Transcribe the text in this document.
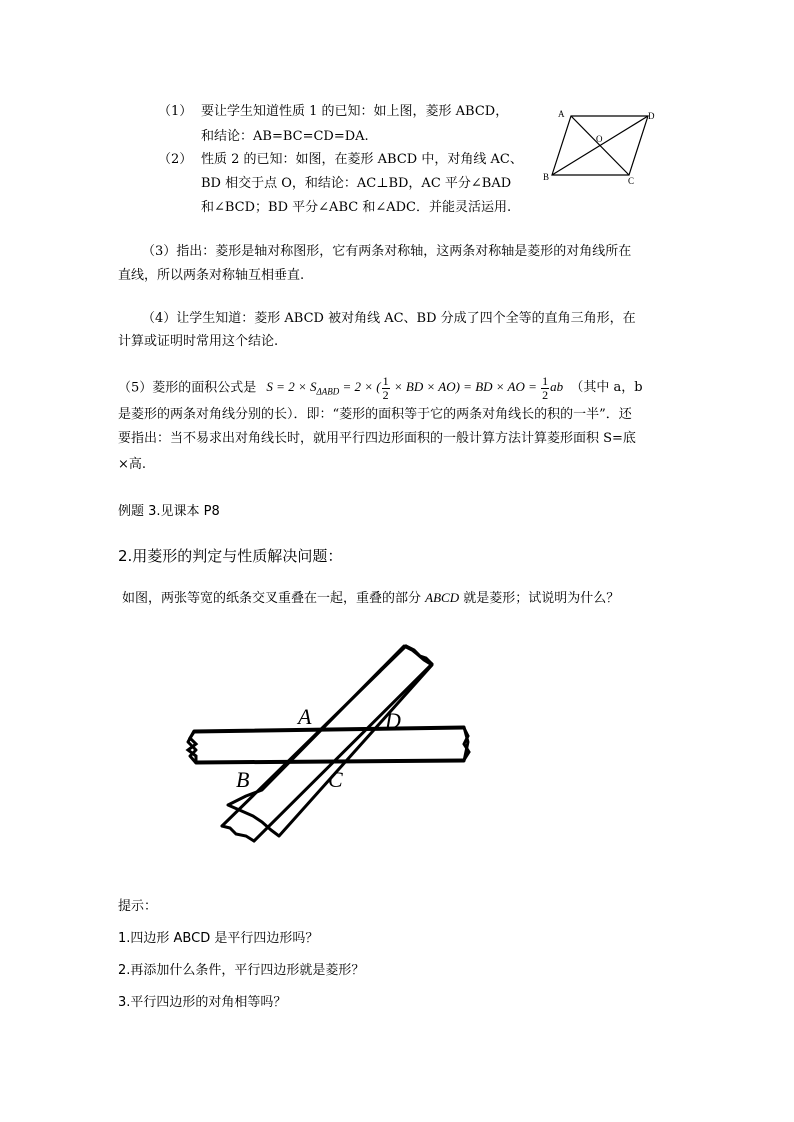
（1） 要让学生知道性质 1 的已知：如上图，菱形 ABCD，
和结论：AB=BC=CD=DA.
（2） 性质 2 的已知：如图，在菱形 ABCD 中，对角线 AC、
BD 相交于点 O，和结论：AC⊥BD，AC 平分∠BAD
和∠BCD；BD 平分∠ABC 和∠ADC．并能灵活运用.
A	D
O
B	C
（3）指出：菱形是轴对称图形，它有两条对称轴，这两条对称轴是菱形的对角线所在
直线，所以两条对称轴互相垂直.
（4）让学生知道：菱形 ABCD 被对角线 AC、BD 分成了四个全等的直角三角形，在
计算或证明时常用这个结论.
（5）菱形的面积公式是 $S = 2 \times S_{\Delta ABD} = 2$ × ( $\frac{1}{2}$ × BD × AO) = BD × AO = $\frac{1}{2}$ ab （其中 a，b
是菱形的两条对角线分别的长）．即：“菱形的面积等于它的两条对角线长的积的一半”．还
要指出：当不易求出对角线长时，就用平行四边形面积的一般计算方法计算菱形面积 S=底
×高.
例题 3.见课本 P8
2.用菱形的判定与性质解决问题：
如图，两张等宽的纸条交叉重叠在一起，重叠的部分 ABCD 就是菱形；试说明为什么？
A	D
B	C
提示：
1.四边形 ABCD 是平行四边形吗？
2.再添加什么条件，平行四边形就是菱形？
3.平行四边形的对角相等吗？
